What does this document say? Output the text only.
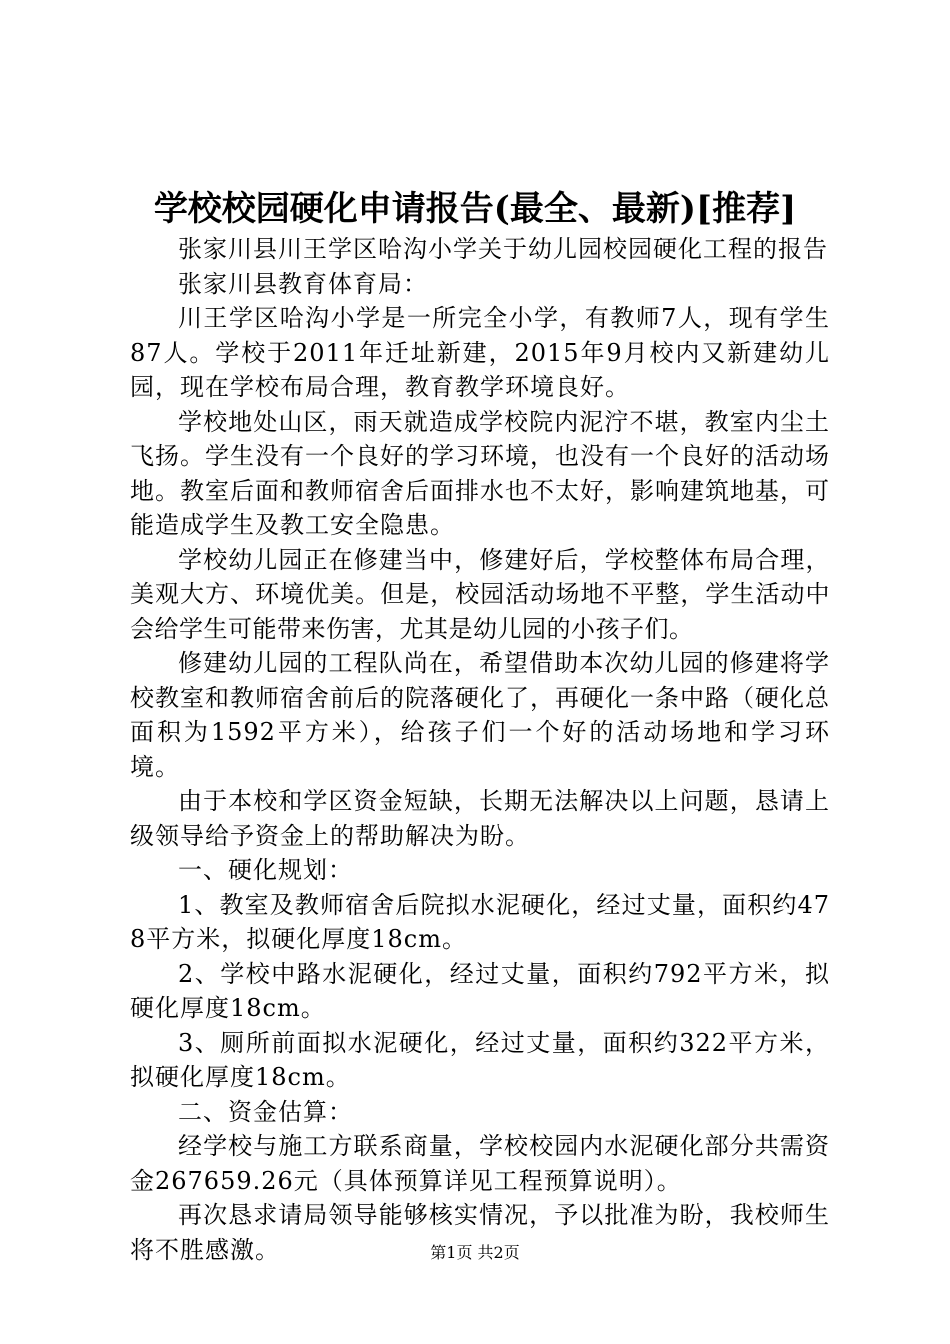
学校校园硬化申请报告(最全、最新)[推荐]

张家川县川王学区哈沟小学关于幼儿园校园硬化工程的报告

张家川县教育体育局：

川王学区哈沟小学是一所完全小学，有教师7人，现有学生87人。学校于2011年迁址新建，2015年9月校内又新建幼儿园，现在学校布局合理，教育教学环境良好。

学校地处山区，雨天就造成学校院内泥泞不堪，教室内尘土飞扬。学生没有一个良好的学习环境，也没有一个良好的活动场地。教室后面和教师宿舍后面排水也不太好，影响建筑地基，可能造成学生及教工安全隐患。

学校幼儿园正在修建当中，修建好后，学校整体布局合理，美观大方、环境优美。但是，校园活动场地不平整，学生活动中会给学生可能带来伤害，尤其是幼儿园的小孩子们。

修建幼儿园的工程队尚在，希望借助本次幼儿园的修建将学校教室和教师宿舍前后的院落硬化了，再硬化一条中路（硬化总面积为1592平方米），给孩子们一个好的活动场地和学习环境。

由于本校和学区资金短缺，长期无法解决以上问题，恳请上级领导给予资金上的帮助解决为盼。

一、硬化规划：

1、教室及教师宿舍后院拟水泥硬化，经过丈量，面积约478平方米，拟硬化厚度18cm。

2、学校中路水泥硬化，经过丈量，面积约792平方米，拟硬化厚度18cm。

3、厕所前面拟水泥硬化，经过丈量，面积约322平方米，拟硬化厚度18cm。

二、资金估算：

经学校与施工方联系商量，学校校园内水泥硬化部分共需资金267659.26元（具体预算详见工程预算说明）。

再次恳求请局领导能够核实情况，予以批准为盼，我校师生将不胜感激。	第1页 共2页
